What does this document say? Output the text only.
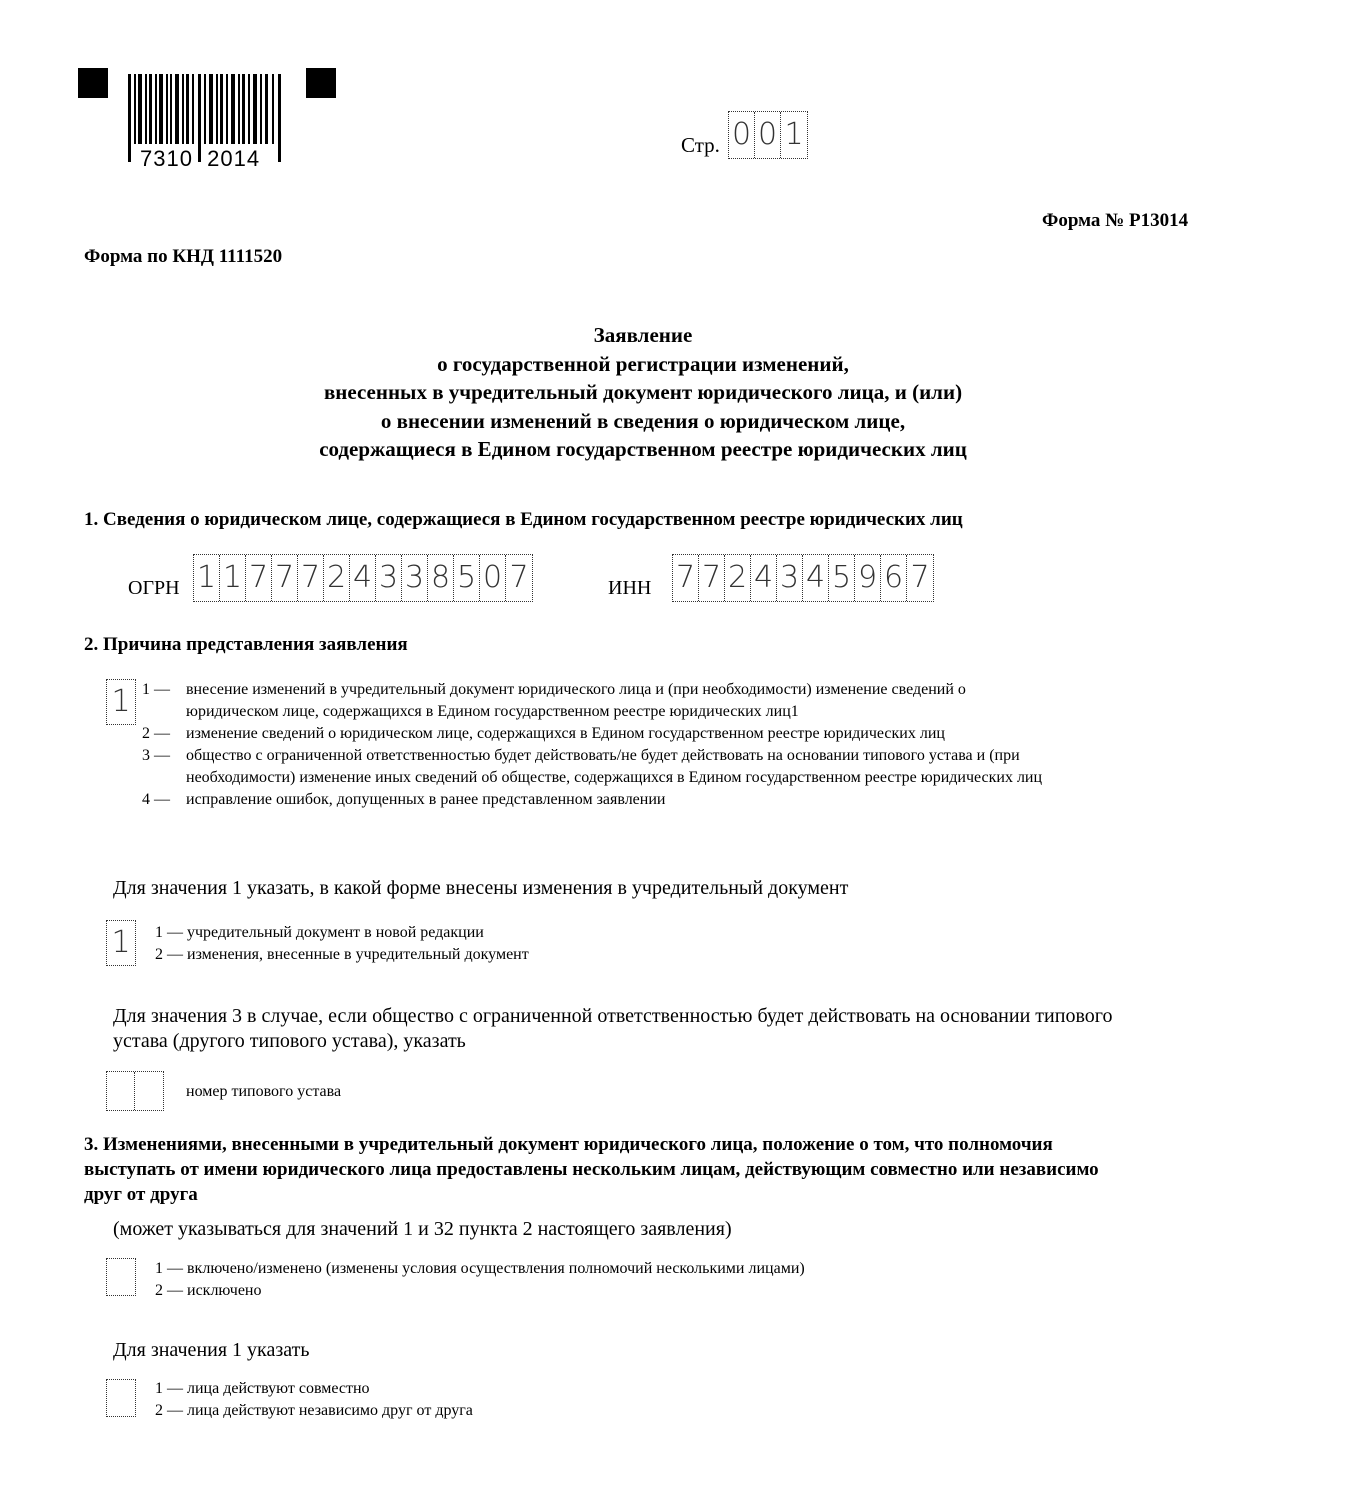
7310  2014
Стр. 0 0 1
Форма № Р13014
Форма по КНД 1111520
Заявление
о государственной регистрации изменений,
внесенных в учредительный документ юридического лица, и (или)
о внесении изменений в сведения о юридическом лице,
содержащиеся в Едином государственном реестре юридических лиц
1. Сведения о юридическом лице, содержащиеся в Едином государственном реестре юридических лиц
ОГРН 1 1 7 7 7 2 4 3 3 8 5 0 7	ИНН 7 7 2 4 3 4 5 9 6 7
2. Причина представления заявления
1 1 — внесение изменений в учредительный документ юридического лица и (при необходимости) изменение сведений о
юридическом лице, содержащихся в Едином государственном реестре юридических лиц1
2 — изменение сведений о юридическом лице, содержащихся в Едином государственном реестре юридических лиц
3 — общество с ограниченной ответственностью будет действовать/не будет действовать на основании типового устава и (при
необходимости) изменение иных сведений об обществе, содержащихся в Едином государственном реестре юридических лиц
4 — исправление ошибок, допущенных в ранее представленном заявлении
Для значения 1 указать, в какой форме внесены изменения в учредительный документ
1	1 — учредительный документ в новой редакции
2 — изменения, внесенные в учредительный документ
Для значения 3 в случае, если общество с ограниченной ответственностью будет действовать на основании типового
устава (другого типового устава), указать
номер типового устава
3. Изменениями, внесенными в учредительный документ юридического лица, положение о том, что полномочия
выступать от имени юридического лица предоставлены нескольким лицам, действующим совместно или независимо
друг от друга
(может указываться для значений 1 и 32 пункта 2 настоящего заявления)
1 — включено/изменено (изменены условия осуществления полномочий несколькими лицами)
2 — исключено
Для значения 1 указать
1 — лица действуют совместно
2 — лица действуют независимо друг от друга
